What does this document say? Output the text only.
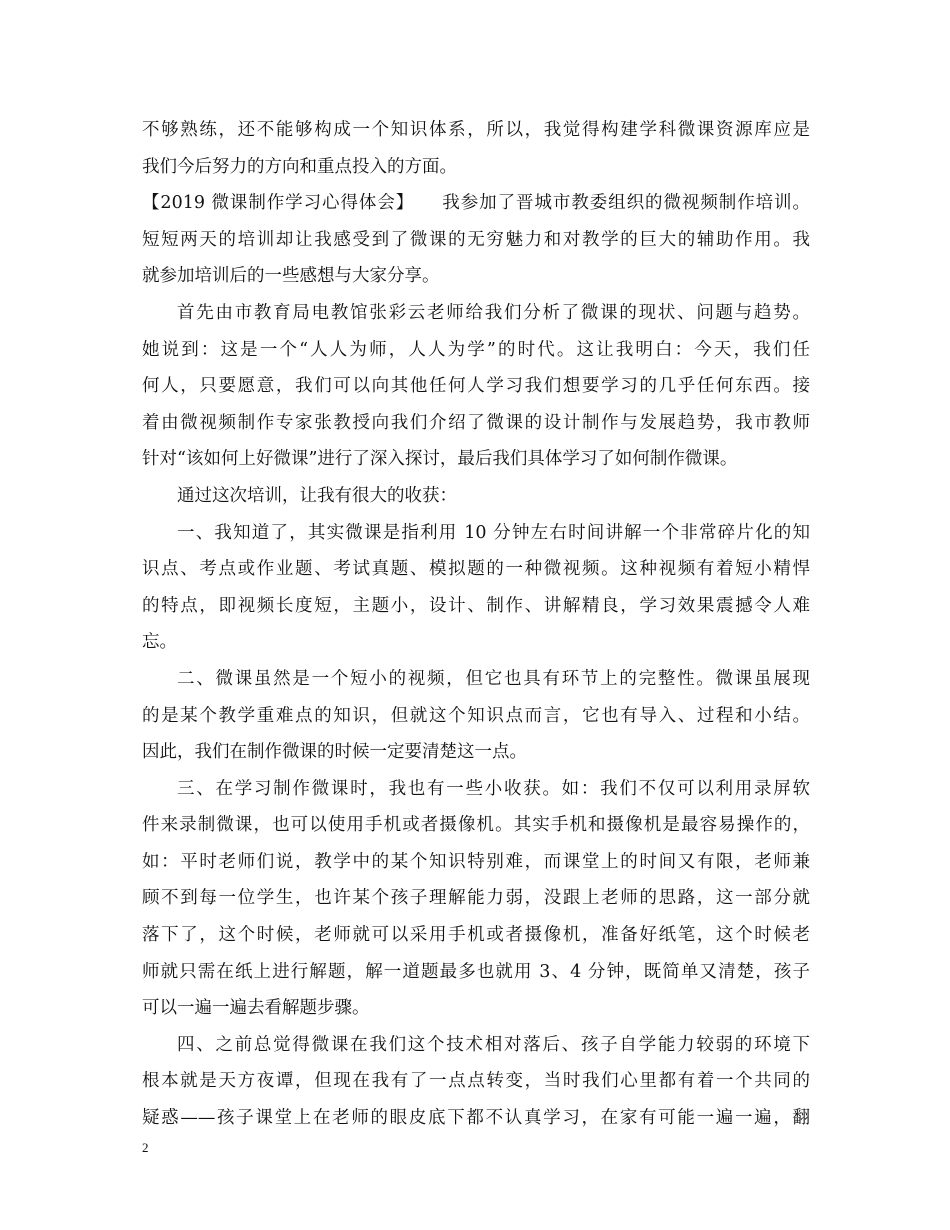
不够熟练，还不能够构成一个知识体系，所以，我觉得构建学科微课资源库应是
我们今后努力的方向和重点投入的方面。
【2019 微课制作学习心得体会】　　我参加了晋城市教委组织的微视频制作培训。
短短两天的培训却让我感受到了微课的无穷魅力和对教学的巨大的辅助作用。我
就参加培训后的一些感想与大家分享。
首先由市教育局电教馆张彩云老师给我们分析了微课的现状、问题与趋势。
她说到：这是一个“人人为师，人人为学”的时代。这让我明白：今天，我们任
何人，只要愿意，我们可以向其他任何人学习我们想要学习的几乎任何东西。接
着由微视频制作专家张教授向我们介绍了微课的设计制作与发展趋势，我市教师
针对“该如何上好微课”进行了深入探讨，最后我们具体学习了如何制作微课。
通过这次培训，让我有很大的收获：
一、我知道了，其实微课是指利用 10 分钟左右时间讲解一个非常碎片化的知
识点、考点或作业题、考试真题、模拟题的一种微视频。这种视频有着短小精悍
的特点，即视频长度短，主题小，设计、制作、讲解精良，学习效果震撼令人难
忘。
二、微课虽然是一个短小的视频，但它也具有环节上的完整性。微课虽展现
的是某个教学重难点的知识，但就这个知识点而言，它也有导入、过程和小结。
因此，我们在制作微课的时候一定要清楚这一点。
三、在学习制作微课时，我也有一些小收获。如：我们不仅可以利用录屏软
件来录制微课，也可以使用手机或者摄像机。其实手机和摄像机是最容易操作的，
如：平时老师们说，教学中的某个知识特别难，而课堂上的时间又有限，老师兼
顾不到每一位学生，也许某个孩子理解能力弱，没跟上老师的思路，这一部分就
落下了，这个时候，老师就可以采用手机或者摄像机，准备好纸笔，这个时候老
师就只需在纸上进行解题，解一道题最多也就用 3、4 分钟，既简单又清楚，孩子
可以一遍一遍去看解题步骤。
四、之前总觉得微课在我们这个技术相对落后、孩子自学能力较弱的环境下
根本就是天方夜谭，但现在我有了一点点转变，当时我们心里都有着一个共同的
疑惑——孩子课堂上在老师的眼皮底下都不认真学习，在家有可能一遍一遍，翻
2
